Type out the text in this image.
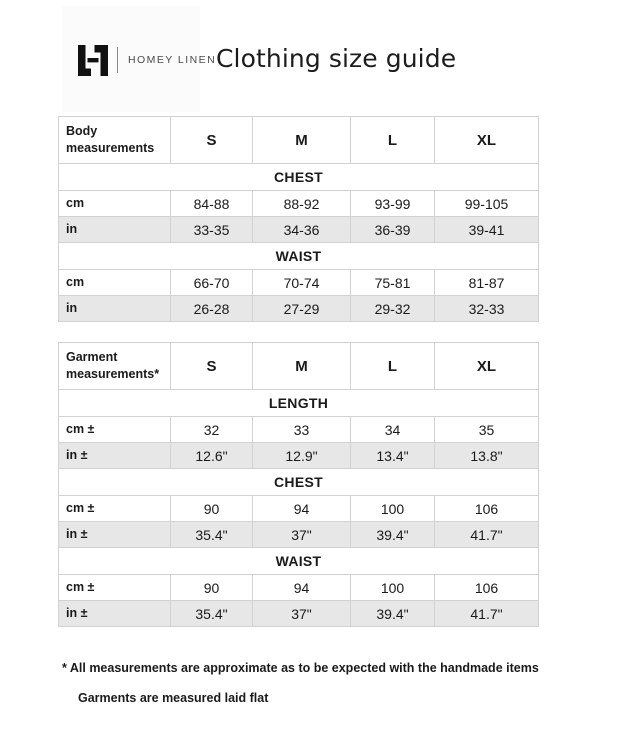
HOMEY LINEN Clothing size guide
Body measurements	S	M	L	XL
CHEST				
cm	84-88	88-92	93-99	99-105
in	33-35	34-36	36-39	39-41
WAIST				
cm	66-70	70-74	75-81	81-87
in	26-28	27-29	29-32	32-33
Garment measurements*	S	M	L	XL
LENGTH				
cm ±	32	33	34	35
in ±	12.6"	12.9"	13.4"	13.8"
CHEST				
cm ±	90	94	100	106
in ±	35.4"	37"	39.4"	41.7"
WAIST				
cm ±	90	94	100	106
in ±	35.4"	37"	39.4"	41.7"
* All measurements are approximate as to be expected with the handmade items
Garments are measured laid flat
